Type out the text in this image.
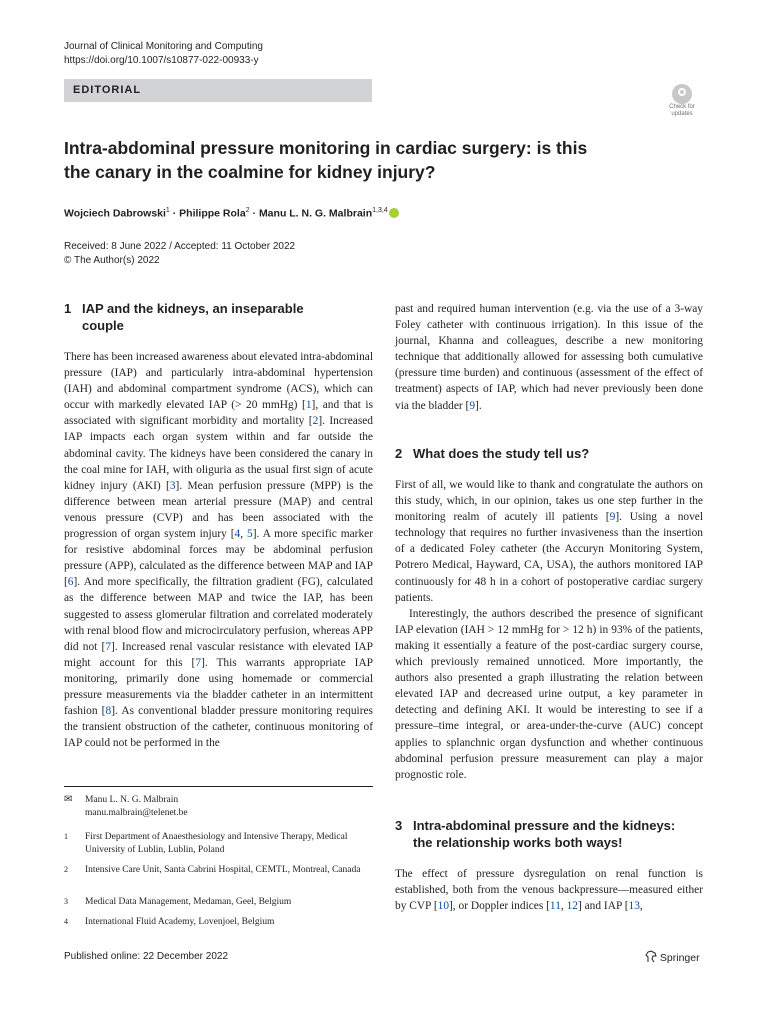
Journal of Clinical Monitoring and Computing
https://doi.org/10.1007/s10877-022-00933-y
EDITORIAL
Check for
updates
Intra-abdominal pressure monitoring in cardiac surgery: is this
the canary in the coalmine for kidney injury?
Wojciech Dabrowski$^1$ · Philippe Rola$^2$ · Manu L. N. G. Malbrain$^{1,3,4}$
Received: 8 June 2022 / Accepted: 11 October 2022
© The Author(s) 2022
1 IAP and the kidneys, an inseparable
couple

There has been increased awareness about elevated intra-abdominal pressure (IAP) and particularly intra-abdominal hypertension (IAH) and abdominal compartment syndrome (ACS), which can occur with markedly elevated IAP (> 20 mmHg) [1], and that is associated with significant morbidity and mortality [2]. Increased IAP impacts each organ system within and far outside the abdominal cavity. The kidneys have been considered the canary in the coal mine for IAH, with oliguria as the usual first sign of acute kidney injury (AKI) [3]. Mean perfusion pressure (MPP) is the difference between mean arterial pressure (MAP) and central venous pressure (CVP) and has been associated with the progression of organ system injury [4, 5]. A more specific marker for resistive abdominal forces may be abdominal perfusion pressure (APP), calculated as the difference between MAP and IAP [6]. And more specifically, the filtration gradient (FG), calculated as the difference between MAP and twice the IAP, has been suggested to assess glomerular filtration and correlated moderately with renal blood flow and microcirculatory perfusion, whereas APP did not [7]. Increased renal vascular resistance with elevated IAP might account for this [7]. This warrants appropriate IAP monitoring, primarily done using homemade or commercial pressure measurements via the bladder catheter in an intermittent fashion [8]. As conventional bladder pressure monitoring requires the transient obstruction of the catheter, continuous monitoring of IAP could not be performed in the

✉ Manu L. N. G. Malbrain
manu.malbrain@telenet.be
1 First Department of Anaesthesiology and Intensive Therapy, Medical University of Lublin, Lublin, Poland
2 Intensive Care Unit, Santa Cabrini Hospital, CEMTL, Montreal, Canada
3 Medical Data Management, Medaman, Geel, Belgium
4 International Fluid Academy, Lovenjoel, Belgium

past and required human intervention (e.g. via the use of a 3-way Foley catheter with continuous irrigation). In this issue of the journal, Khanna and colleagues, describe a new monitoring technique that additionally allowed for assessing both cumulative (pressure time burden) and continuous (assessment of the effect of treatment) aspects of IAP, which had never previously been done via the bladder [9].

2 What does the study tell us?

First of all, we would like to thank and congratulate the authors on this study, which, in our opinion, takes us one step further in the monitoring realm of acutely ill patients [9]. Using a novel technology that requires no further invasiveness than the insertion of a dedicated Foley catheter (the Accuryn Monitoring System, Potrero Medical, Hayward, CA, USA), the authors monitored IAP continuously for 48 h in a cohort of postoperative cardiac surgery patients.

Interestingly, the authors described the presence of significant IAP elevation (IAH > 12 mmHg for > 12 h) in 93% of the patients, making it essentially a feature of the post-cardiac surgery course, which previously remained unnoticed. More importantly, the authors also presented a graph illustrating the relation between elevated IAP and decreased urine output, a key parameter in detecting and defining AKI. It would be interesting to see if a pressure–time integral, or area-under-the-curve (AUC) concept applies to splanchnic organ dysfunction and whether continuous abdominal perfusion pressure measurement can play a major prognostic role.

3 Intra-abdominal pressure and the kidneys:
the relationship works both ways!

The effect of pressure dysregulation on renal function is established, both from the venous backpressure—measured either by CVP [10], or Doppler indices [11, 12] and IAP [13,

Published online: 22 December 2022	Springer
